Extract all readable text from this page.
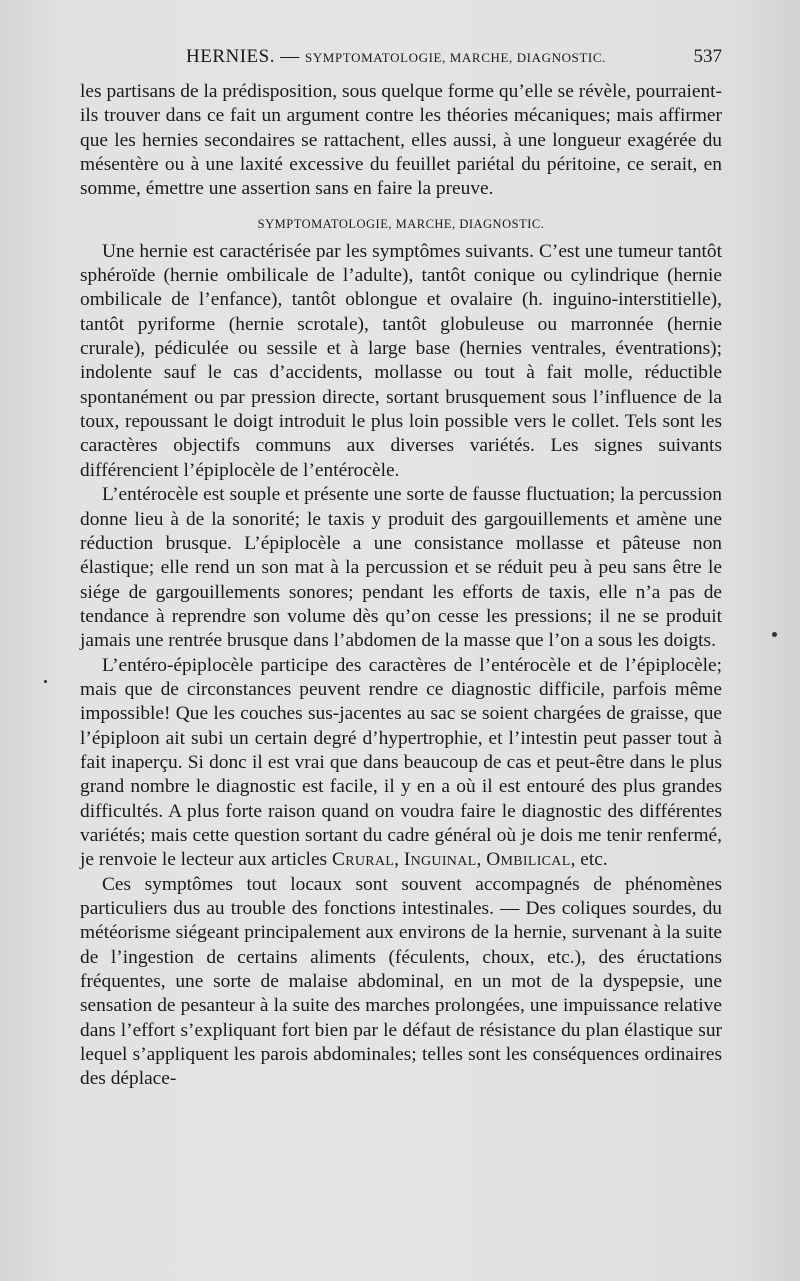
HERNIES. — SYMPTOMATOLOGIE, MARCHE, DIAGNOSTIC.	537

les partisans de la prédisposition, sous quelque forme qu’elle se révèle, pourraient-ils trouver dans ce fait un argument contre les théories mécaniques; mais affirmer que les hernies secondaires se rattachent, elles aussi, à une longueur exagérée du mésentère ou à une laxité excessive du feuillet pariétal du péritoine, ce serait, en somme, émettre une assertion sans en faire la preuve.

SYMPTOMATOLOGIE, MARCHE, DIAGNOSTIC.

Une hernie est caractérisée par les symptômes suivants. C’est une tumeur tantôt sphéroïde (hernie ombilicale de l’adulte), tantôt conique ou cylindrique (hernie ombilicale de l’enfance), tantôt oblongue et ovalaire (h. inguino-interstitielle), tantôt pyriforme (hernie scrotale), tantôt globuleuse ou marronnée (hernie crurale), pédiculée ou sessile et à large base (hernies ventrales, éventrations); indolente sauf le cas d’accidents, mollasse ou tout à fait molle, réductible spontanément ou par pression directe, sortant brusquement sous l’influence de la toux, repoussant le doigt introduit le plus loin possible vers le collet. Tels sont les caractères objectifs communs aux diverses variétés. Les signes suivants différencient l’épiplocèle de l’entérocèle.

L’entérocèle est souple et présente une sorte de fausse fluctuation; la percussion donne lieu à de la sonorité; le taxis y produit des gargouillements et amène une réduction brusque. L’épiplocèle a une consistance mollasse et pâteuse non élastique; elle rend un son mat à la percussion et se réduit peu à peu sans être le siége de gargouillements sonores; pendant les efforts de taxis, elle n’a pas de tendance à reprendre son volume dès qu’on cesse les pressions; il ne se produit jamais une rentrée brusque dans l’abdomen de la masse que l’on a sous les doigts.

L’entéro-épiplocèle participe des caractères de l’entérocèle et de l’épiplocèle; mais que de circonstances peuvent rendre ce diagnostic difficile, parfois même impossible! Que les couches sus-jacentes au sac se soient chargées de graisse, que l’épiploon ait subi un certain degré d’hypertrophie, et l’intestin peut passer tout à fait inaperçu. Si donc il est vrai que dans beaucoup de cas et peut-être dans le plus grand nombre le diagnostic est facile, il y en a où il est entouré des plus grandes difficultés. A plus forte raison quand on voudra faire le diagnostic des différentes variétés; mais cette question sortant du cadre général où je dois me tenir renfermé, je renvoie le lecteur aux articles Crural, Inguinal, Ombilical, etc.

Ces symptômes tout locaux sont souvent accompagnés de phénomènes particuliers dus au trouble des fonctions intestinales. — Des coliques sourdes, du météorisme siégeant principalement aux environs de la hernie, survenant à la suite de l’ingestion de certains aliments (féculents, choux, etc.), des éructations fréquentes, une sorte de malaise abdominal, en un mot de la dyspepsie, une sensation de pesanteur à la suite des marches prolongées, une impuissance relative dans l’effort s’expliquant fort bien par le défaut de résistance du plan élastique sur lequel s’appliquent les parois abdominales; telles sont les conséquences ordinaires des déplace-
